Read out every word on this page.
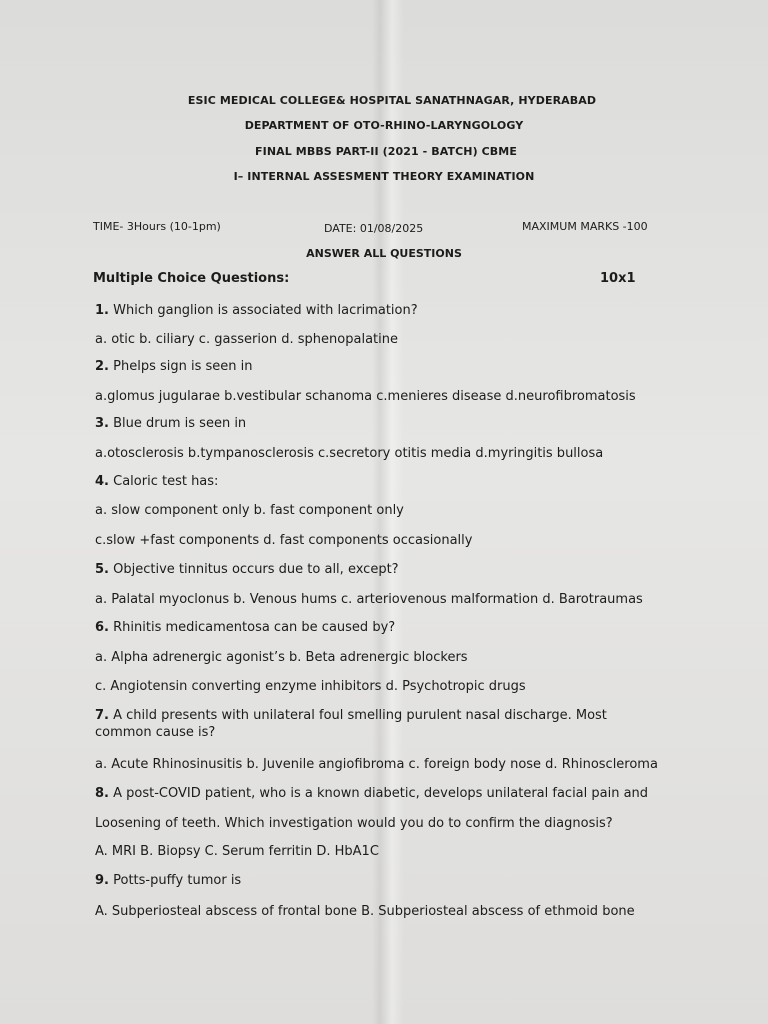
ESIC MEDICAL COLLEGE& HOSPITAL SANATHNAGAR, HYDERABAD
DEPARTMENT OF OTO-RHINO-LARYNGOLOGY
FINAL MBBS PART-II (2021 - BATCH) CBME
I– INTERNAL ASSESMENT THEORY EXAMINATION
TIME- 3Hours (10-1pm)	DATE: 01/08/2025	MAXIMUM MARKS -100
ANSWER ALL QUESTIONS
Multiple Choice Questions:	10x1
1. Which ganglion is associated with lacrimation?
a. otic b. ciliary c. gasserion d. sphenopalatine
2. Phelps sign is seen in
a.glomus jugularae b.vestibular schanoma c.menieres disease d.neurofibromatosis
3. Blue drum is seen in
a.otosclerosis b.tympanosclerosis c.secretory otitis media d.myringitis bullosa
4. Caloric test has:
a. slow component only b. fast component only
c.slow +fast components d. fast components occasionally
5. Objective tinnitus occurs due to all, except?
a. Palatal myoclonus b. Venous hums c. arteriovenous malformation d. Barotraumas
6. Rhinitis medicamentosa can be caused by?
a. Alpha adrenergic agonist’s b. Beta adrenergic blockers
c. Angiotensin converting enzyme inhibitors d. Psychotropic drugs
7. A child presents with unilateral foul smelling purulent nasal discharge. Most common cause is?
a. Acute Rhinosinusitis b. Juvenile angiofibroma c. foreign body nose d. Rhinoscleroma
8. A post-COVID patient, who is a known diabetic, develops unilateral facial pain and
Loosening of teeth. Which investigation would you do to confirm the diagnosis?
A. MRI B. Biopsy C. Serum ferritin D. HbA1C
9. Potts-puffy tumor is
A. Subperiosteal abscess of frontal bone B. Subperiosteal abscess of ethmoid bone
